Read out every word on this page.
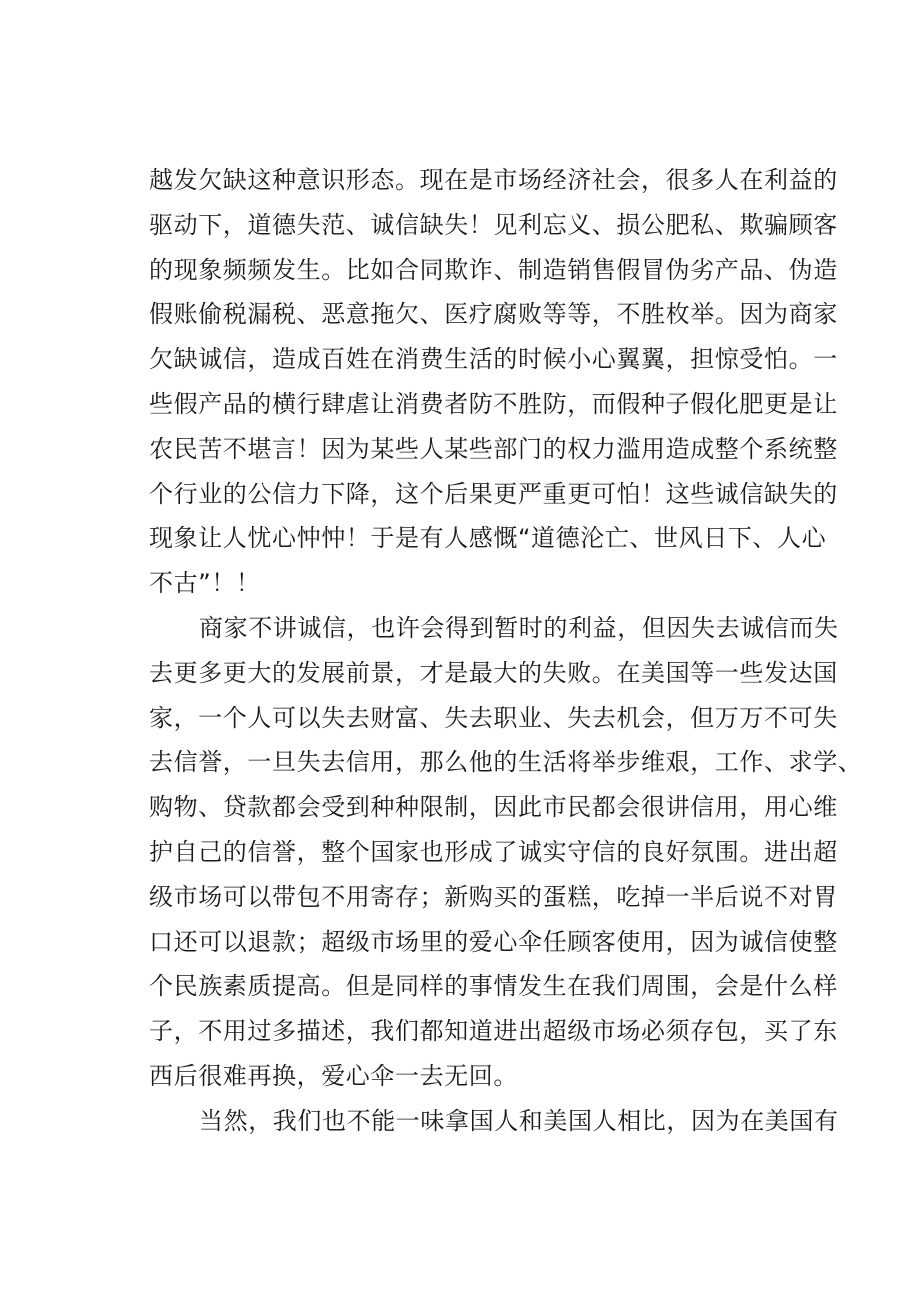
越发欠缺这种意识形态。现在是市场经济社会，很多人在利益的
驱动下，道德失范、诚信缺失！见利忘义、损公肥私、欺骗顾客
的现象频频发生。比如合同欺诈、制造销售假冒伪劣产品、伪造
假账偷税漏税、恶意拖欠、医疗腐败等等，不胜枚举。因为商家
欠缺诚信，造成百姓在消费生活的时候小心翼翼，担惊受怕。一
些假产品的横行肆虐让消费者防不胜防，而假种子假化肥更是让
农民苦不堪言！因为某些人某些部门的权力滥用造成整个系统整
个行业的公信力下降，这个后果更严重更可怕！这些诚信缺失的
现象让人忧心忡忡！于是有人感慨“道德沦亡、世风日下、人心
不古”！！
商家不讲诚信，也许会得到暂时的利益，但因失去诚信而失
去更多更大的发展前景，才是最大的失败。在美国等一些发达国
家，一个人可以失去财富、失去职业、失去机会，但万万不可失
去信誉，一旦失去信用，那么他的生活将举步维艰，工作、求学、
购物、贷款都会受到种种限制，因此市民都会很讲信用，用心维
护自己的信誉，整个国家也形成了诚实守信的良好氛围。进出超
级市场可以带包不用寄存；新购买的蛋糕，吃掉一半后说不对胃
口还可以退款；超级市场里的爱心伞任顾客使用，因为诚信使整
个民族素质提高。但是同样的事情发生在我们周围，会是什么样
子，不用过多描述，我们都知道进出超级市场必须存包，买了东
西后很难再换，爱心伞一去无回。
当然，我们也不能一味拿国人和美国人相比，因为在美国有
